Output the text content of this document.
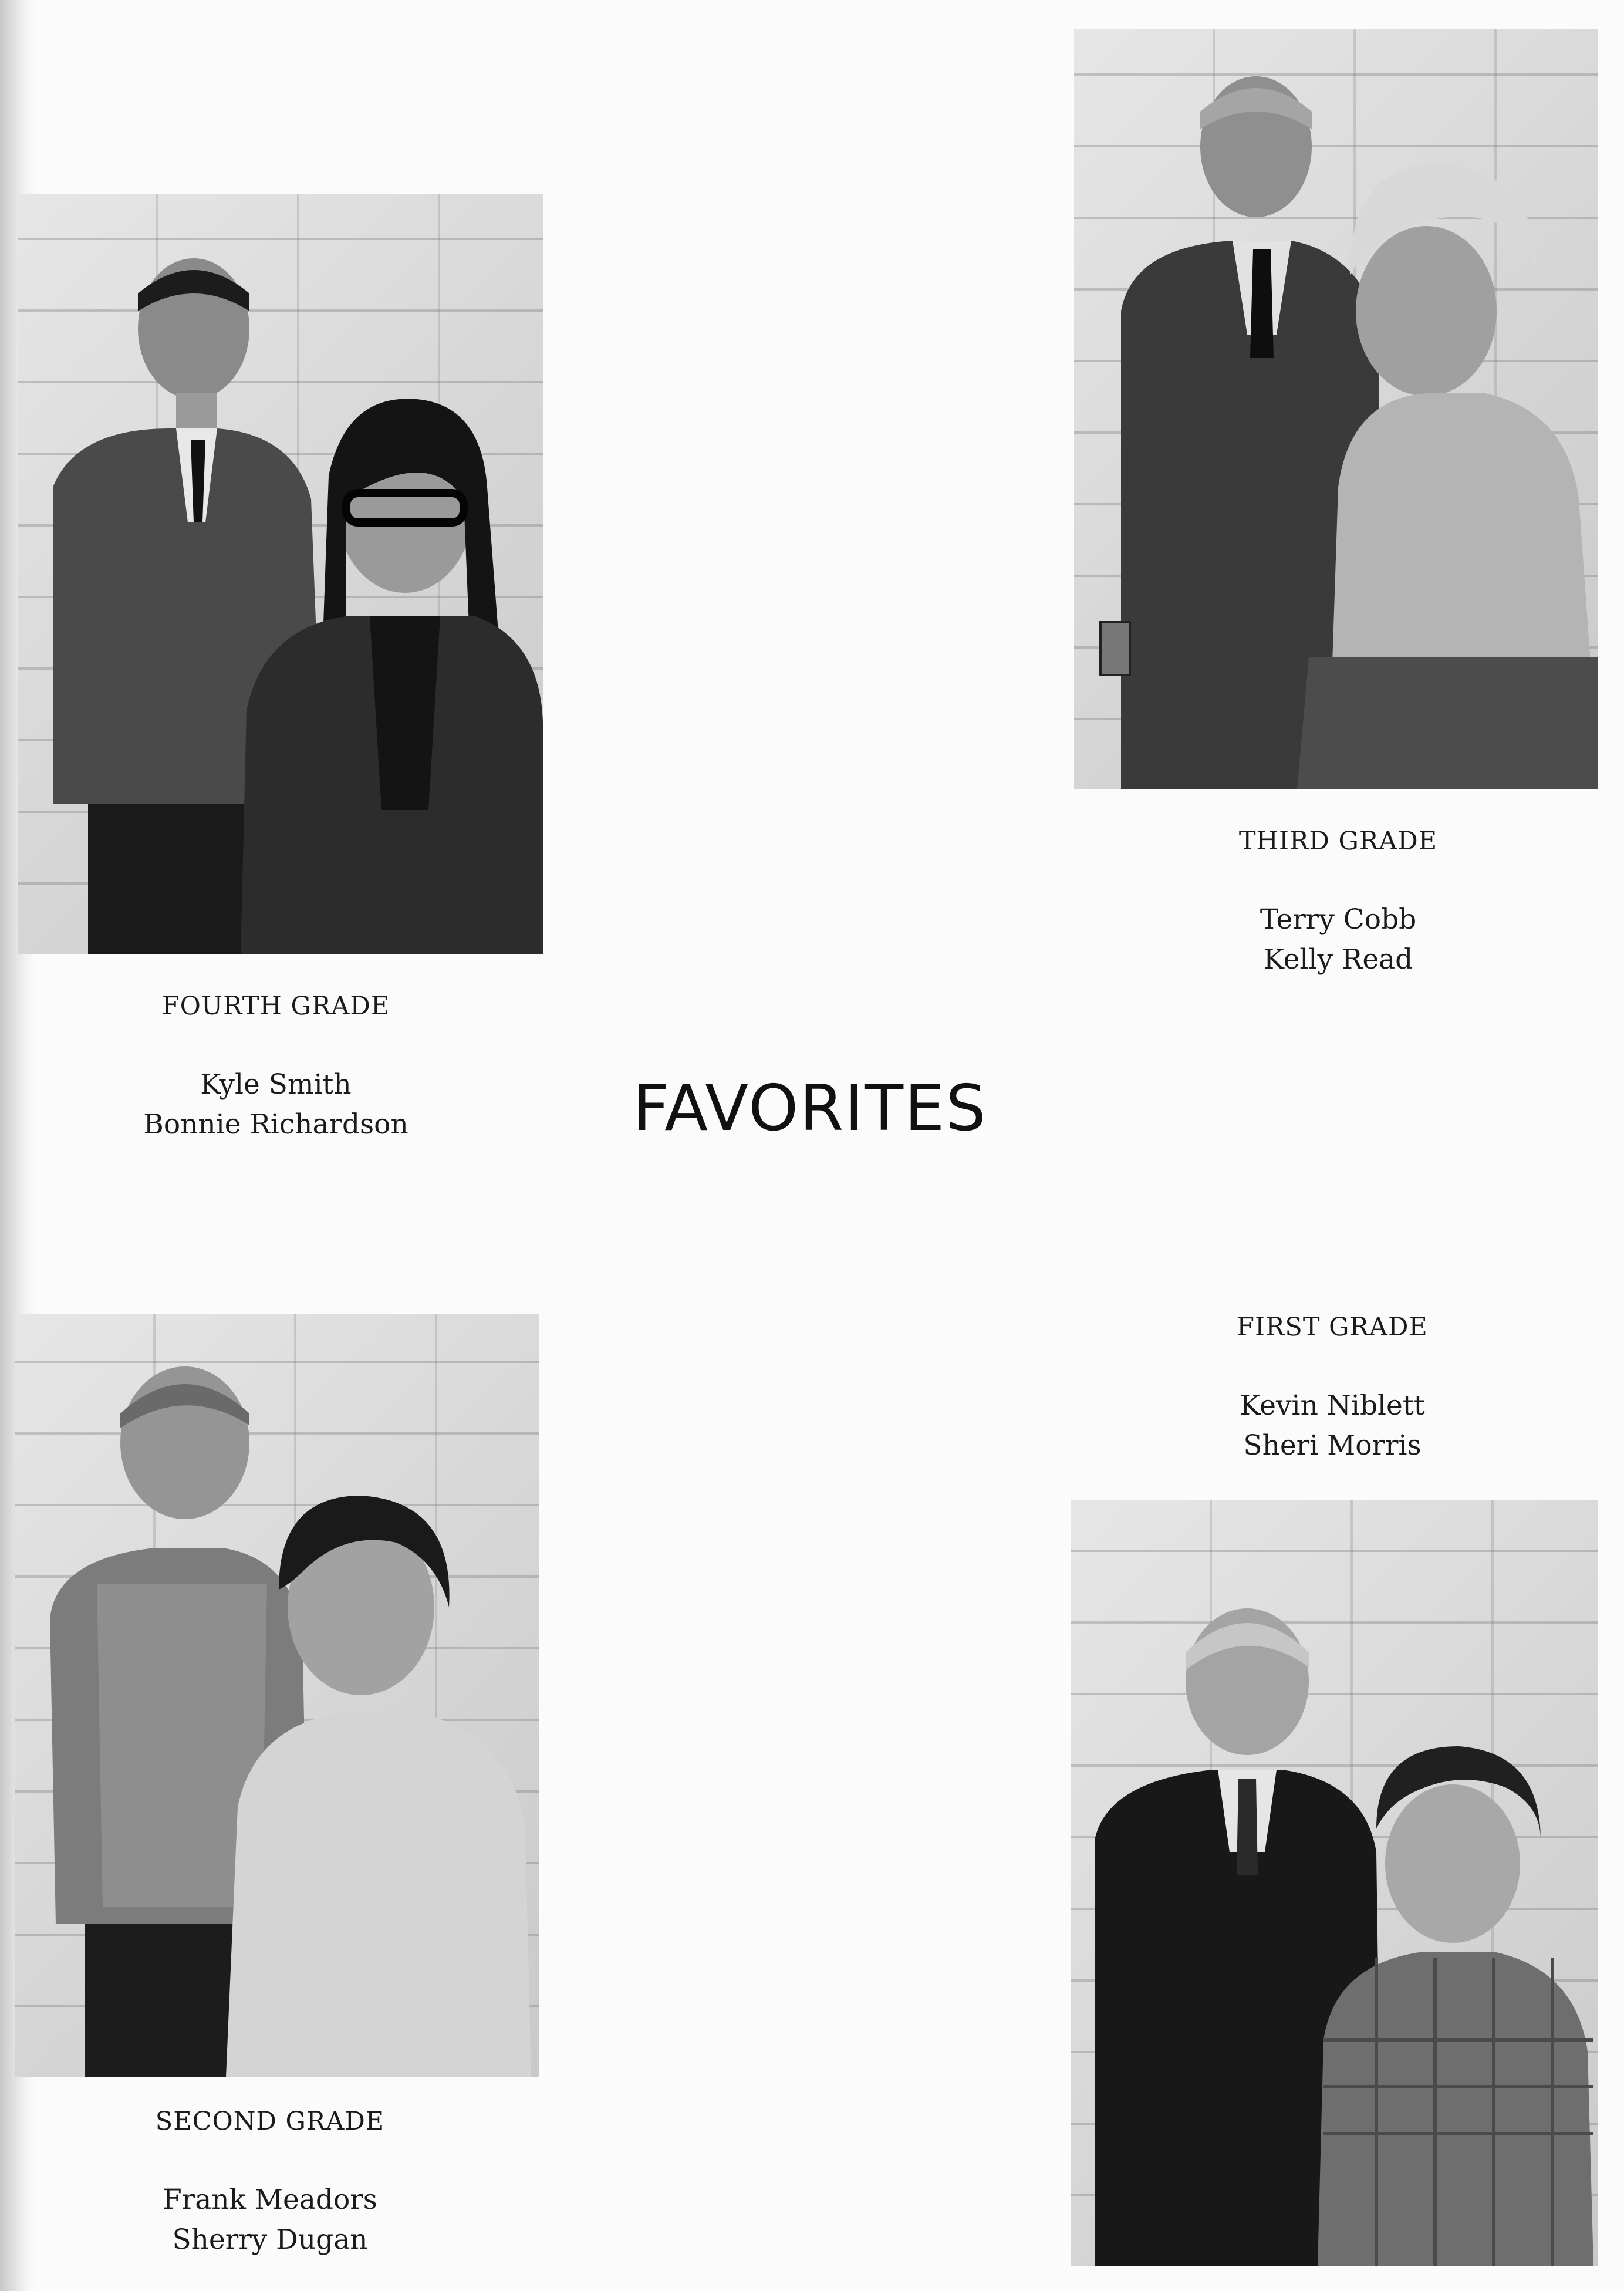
FOURTH GRADE
Kyle Smith
Bonnie Richardson
THIRD GRADE
Terry Cobb
Kelly Read
SECOND GRADE
Frank Meadors
Sherry Dugan
FIRST GRADE
Kevin Niblett
Sheri Morris
FAVORITES
